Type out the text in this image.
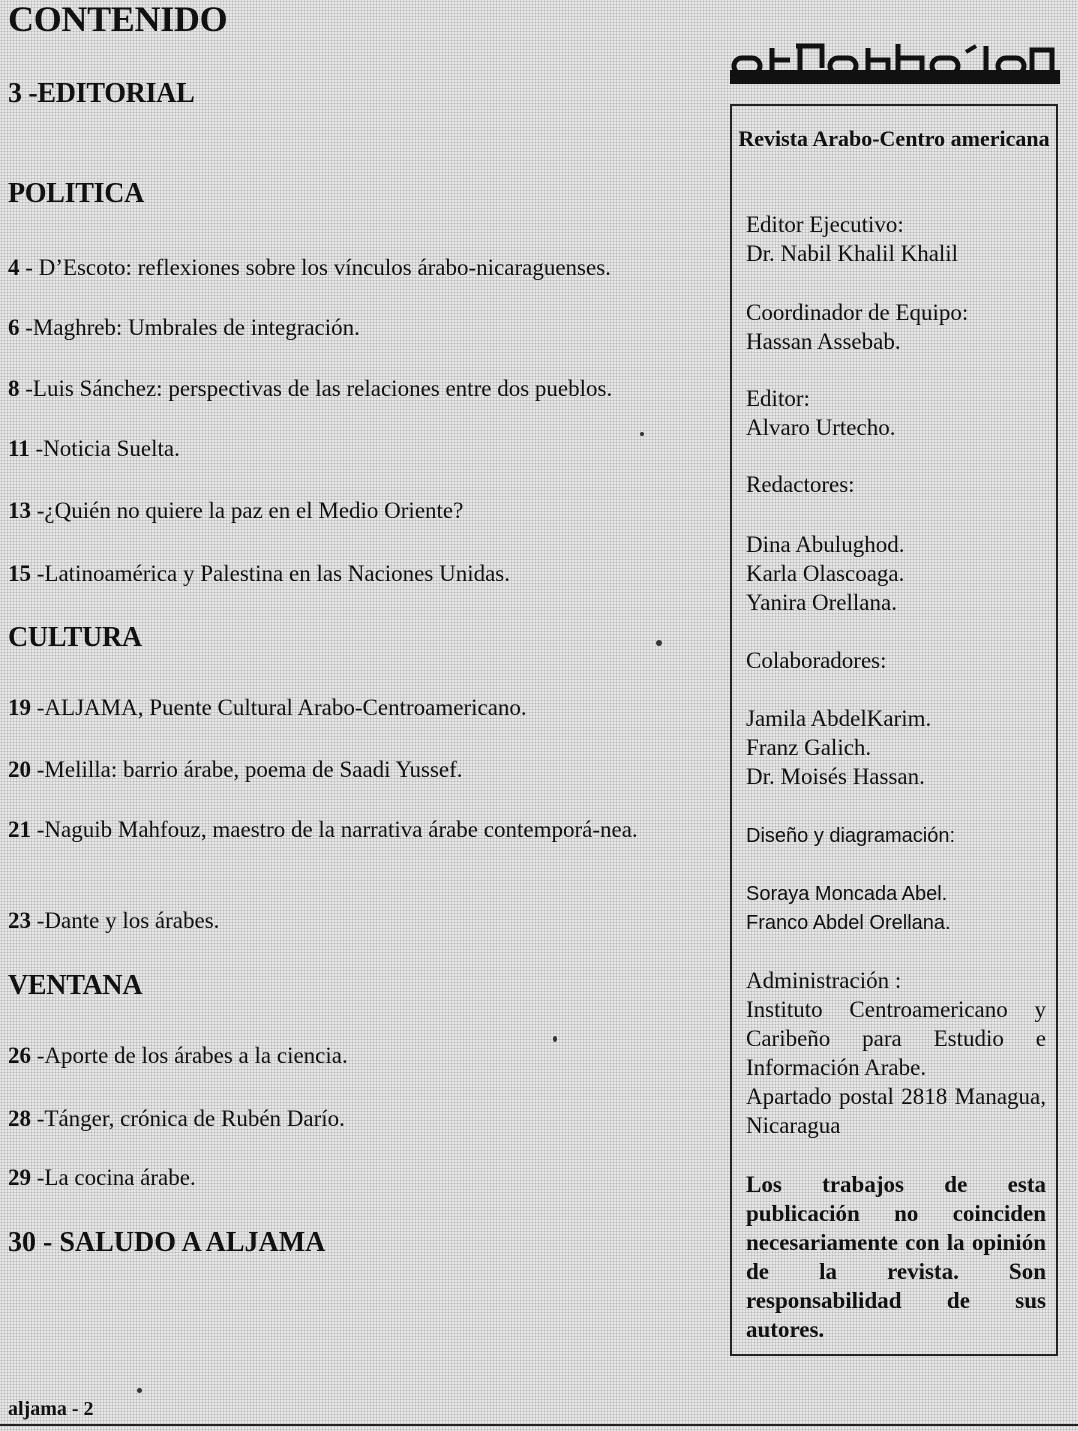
CONTENIDO
3 -EDITORIAL
POLITICA
4 - D’Escoto: reflexiones sobre los vínculos árabo-nicaraguenses.
6 -Maghreb: Umbrales de integración.
8 -Luis Sánchez: perspectivas de las relaciones entre dos pueblos.
11 -Noticia Suelta.
13 -¿Quién no quiere la paz en el Medio Oriente?
15 -Latinoamérica y Palestina en las Naciones Unidas.
CULTURA
19 -ALJAMA, Puente Cultural Arabo-Centroamericano.
20 -Melilla: barrio árabe, poema de Saadi Yussef.
21 -Naguib Mahfouz, maestro de la narrativa árabe contemporá-nea.
23 -Dante y los árabes.
VENTANA
26 -Aporte de los árabes a la ciencia.
28 -Tánger, crónica de Rubén Darío.
29 -La cocina árabe.
30 - SALUDO A ALJAMA
aljama
Revista Arabo-Centro americana
Editor Ejecutivo:
Dr. Nabil Khalil Khalil
Coordinador de Equipo:
Hassan Assebab.
Editor:
Alvaro Urtecho.
Redactores:
Dina Abulughod.
Karla Olascoaga.
Yanira Orellana.
Colaboradores:
Jamila AbdelKarim.
Franz Galich.
Dr. Moisés Hassan.
Diseño y diagramación:
Soraya Moncada Abel.
Franco Abdel Orellana.
Administración :
Instituto Centroamericano y Caribeño para Estudio e Información Arabe.
Apartado postal 2818 Managua, Nicaragua
Los trabajos de esta publicación no coinciden necesariamente con la opinión de la revista. Son responsabilidad de sus autores.
aljama - 2
